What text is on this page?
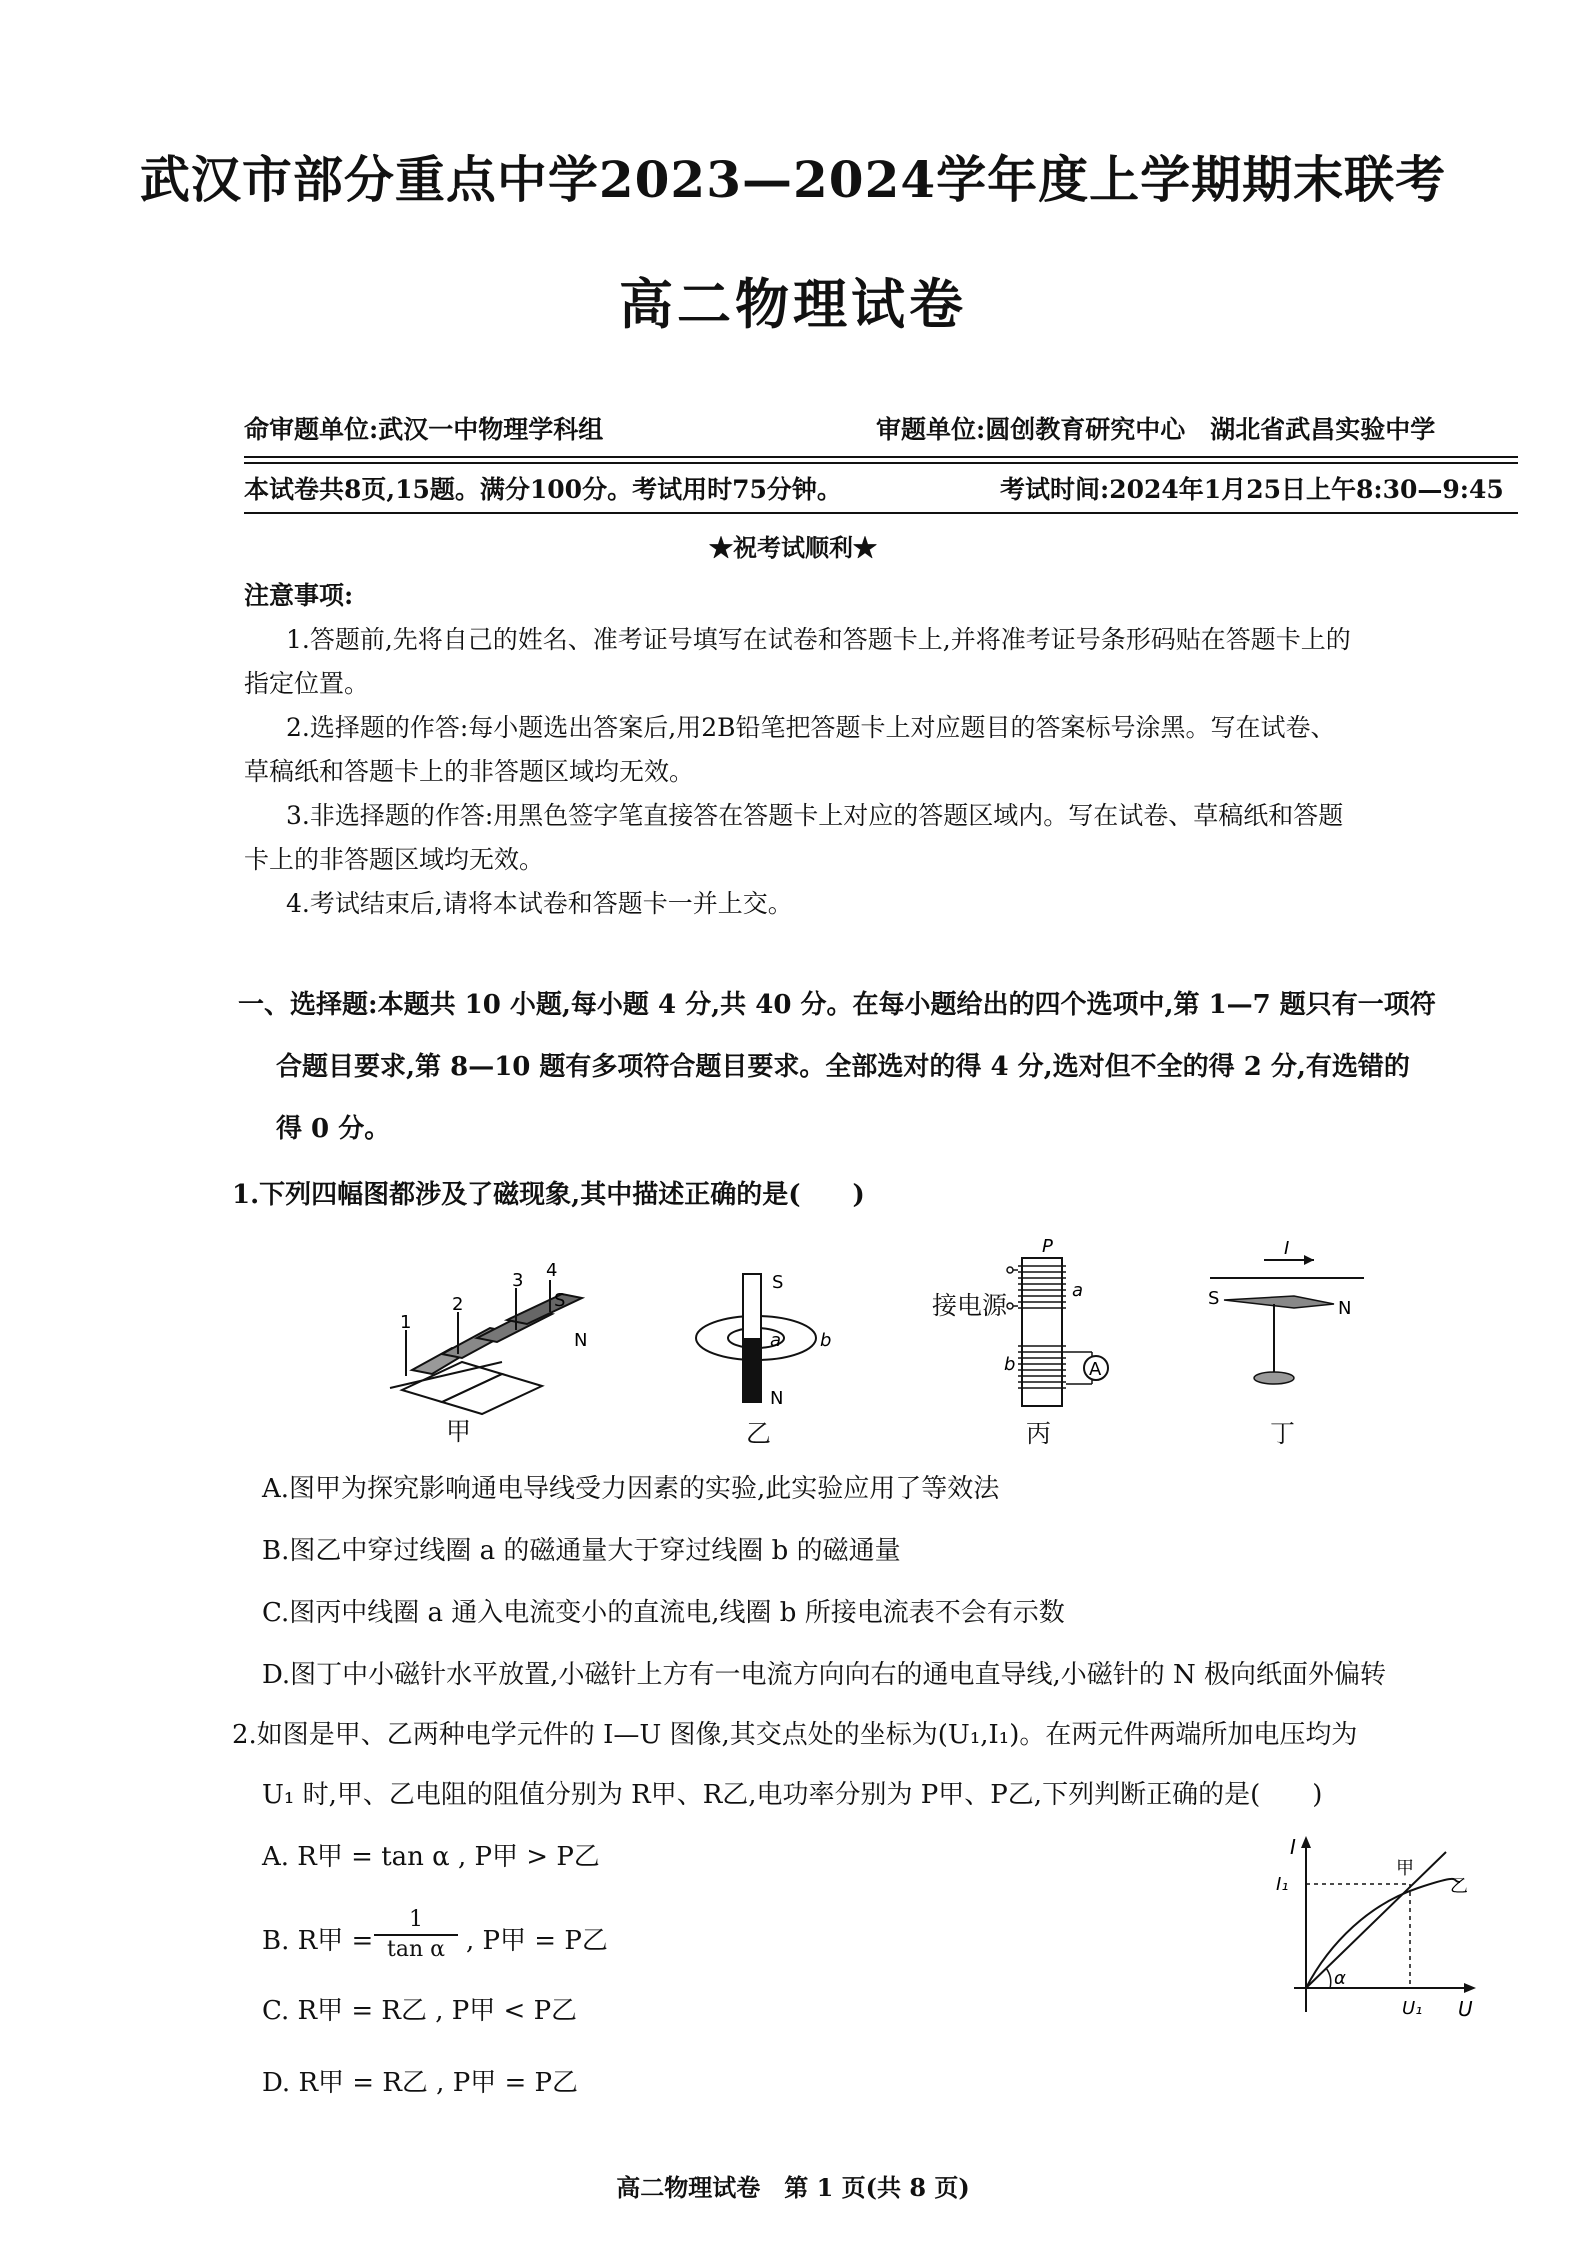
武汉市部分重点中学2023—2024学年度上学期期末联考
高二物理试卷
命审题单位:武汉一中物理学科组	审题单位:圆创教育研究中心　湖北省武昌实验中学
本试卷共8页,15题。满分100分。考试用时75分钟。	考试时间:2024年1月25日上午8:30—9:45
★祝考试顺利★
注意事项:
1.答题前,先将自己的姓名、准考证号填写在试卷和答题卡上,并将准考证号条形码贴在答题卡上的
指定位置。
2.选择题的作答:每小题选出答案后,用2B铅笔把答题卡上对应题目的答案标号涂黑。写在试卷、
草稿纸和答题卡上的非答题区域均无效。
3.非选择题的作答:用黑色签字笔直接答在答题卡上对应的答题区域内。写在试卷、草稿纸和答题
卡上的非答题区域均无效。
4.考试结束后,请将本试卷和答题卡一并上交。
一、选择题:本题共 10 小题,每小题 4 分,共 40 分。在每小题给出的四个选项中,第 1—7 题只有一项符
合题目要求,第 8—10 题有多项符合题目要求。全部选对的得 4 分,选对但不全的得 2 分,有选错的
得 0 分。
1.下列四幅图都涉及了磁现象,其中描述正确的是(　　)
1
2
3 4
S
N
甲
S
N
a b
乙
接电源
A
P
a
b
丙
I
S	N
丁
A.图甲为探究影响通电导线受力因素的实验,此实验应用了等效法
B.图乙中穿过线圈 a 的磁通量大于穿过线圈 b 的磁通量
C.图丙中线圈 a 通入电流变小的直流电,线圈 b 所接电流表不会有示数
D.图丁中小磁针水平放置,小磁针上方有一电流方向向右的通电直导线,小磁针的 N 极向纸面外偏转
2.如图是甲、乙两种电学元件的 I—U 图像,其交点处的坐标为(U₁,I₁)。在两元件两端所加电压均为
U₁ 时,甲、乙电阻的阻值分别为 R甲、R乙,电功率分别为 P甲、P乙,下列判断正确的是(　　)
A. R甲 = tan α , P甲 > P乙
B. R甲 = $\frac{1}{\text{tan α}}$ , P甲 = P乙
C. R甲 = R乙 , P甲 < P乙
D. R甲 = R乙 , P甲 = P乙
I
U
I₁
U₁
甲
乙
α
高二物理试卷　第 1 页(共 8 页)
